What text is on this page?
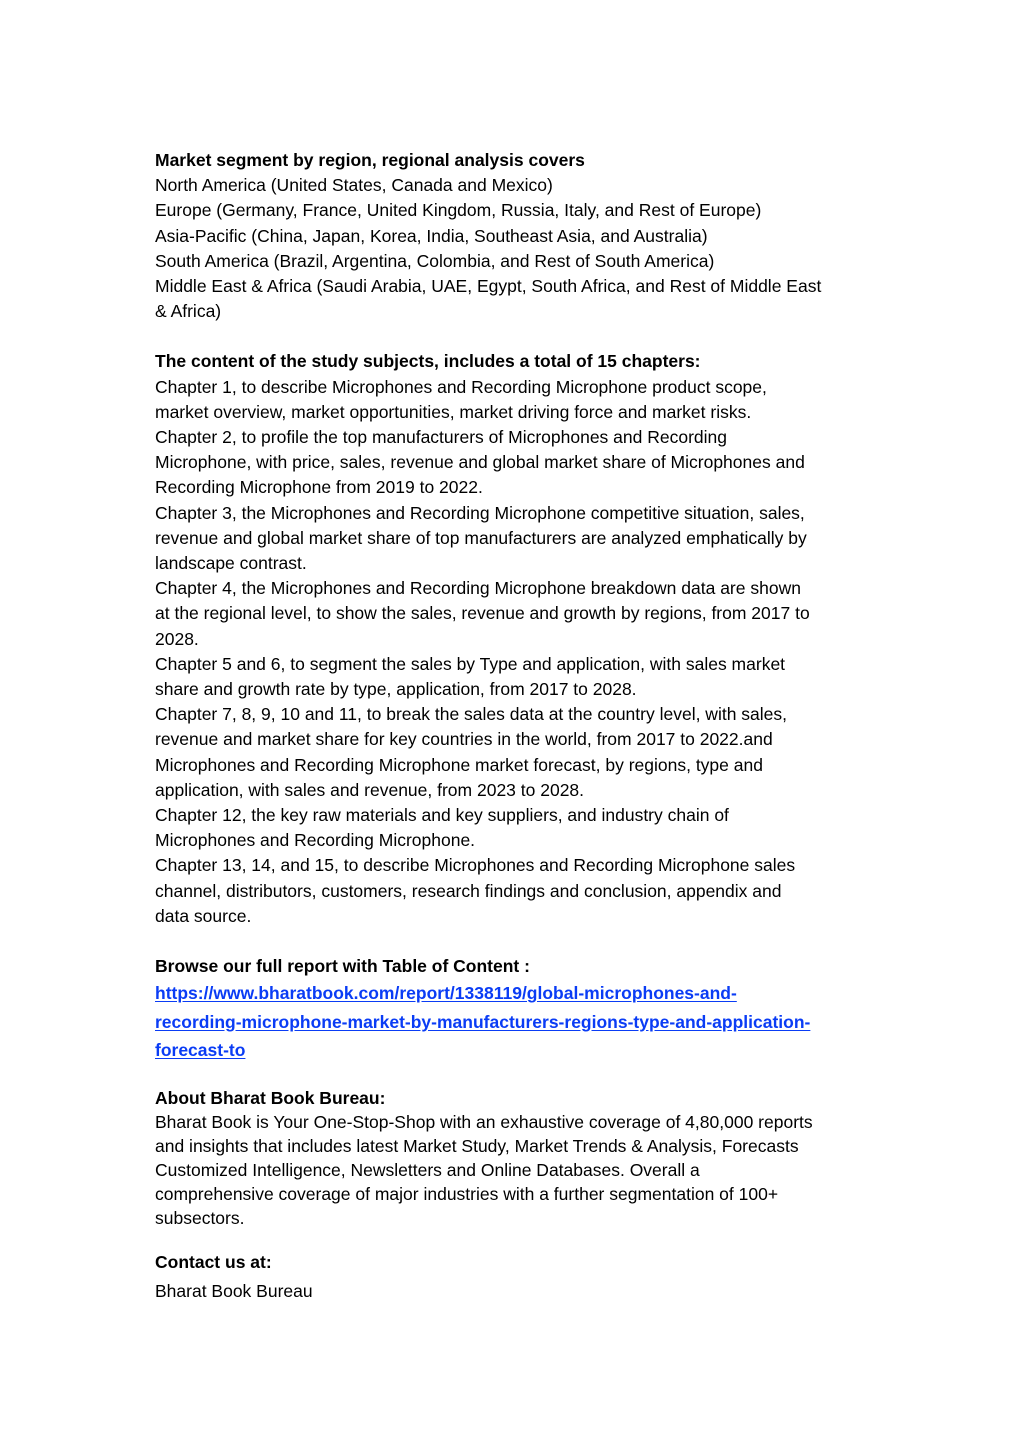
Market segment by region, regional analysis covers

North America (United States, Canada and Mexico)

Europe (Germany, France, United Kingdom, Russia, Italy, and Rest of Europe)

Asia-Pacific (China, Japan, Korea, India, Southeast Asia, and Australia)

South America (Brazil, Argentina, Colombia, and Rest of South America)

Middle East & Africa (Saudi Arabia, UAE, Egypt, South Africa, and Rest of Middle East

& Africa)

The content of the study subjects, includes a total of 15 chapters:

Chapter 1, to describe Microphones and Recording Microphone product scope,

market overview, market opportunities, market driving force and market risks.

Chapter 2, to profile the top manufacturers of Microphones and Recording

Microphone, with price, sales, revenue and global market share of Microphones and

Recording Microphone from 2019 to 2022.

Chapter 3, the Microphones and Recording Microphone competitive situation, sales,

revenue and global market share of top manufacturers are analyzed emphatically by

landscape contrast.

Chapter 4, the Microphones and Recording Microphone breakdown data are shown

at the regional level, to show the sales, revenue and growth by regions, from 2017 to

2028.

Chapter 5 and 6, to segment the sales by Type and application, with sales market

share and growth rate by type, application, from 2017 to 2028.

Chapter 7, 8, 9, 10 and 11, to break the sales data at the country level, with sales,

revenue and market share for key countries in the world, from 2017 to 2022.and

Microphones and Recording Microphone market forecast, by regions, type and

application, with sales and revenue, from 2023 to 2028.

Chapter 12, the key raw materials and key suppliers, and industry chain of

Microphones and Recording Microphone.

Chapter 13, 14, and 15, to describe Microphones and Recording Microphone sales

channel, distributors, customers, research findings and conclusion, appendix and

data source.

Browse our full report with Table of Content :

https://www.bharatbook.com/report/1338119/global-microphones-and-
recording-microphone-market-by-manufacturers-regions-type-and-application-
forecast-to

About Bharat Book Bureau:

Bharat Book is Your One-Stop-Shop with an exhaustive coverage of 4,80,000 reports

and insights that includes latest Market Study, Market Trends & Analysis, Forecasts

Customized Intelligence, Newsletters and Online Databases. Overall a

comprehensive coverage of major industries with a further segmentation of 100+

subsectors.

Contact us at:

Bharat Book Bureau
